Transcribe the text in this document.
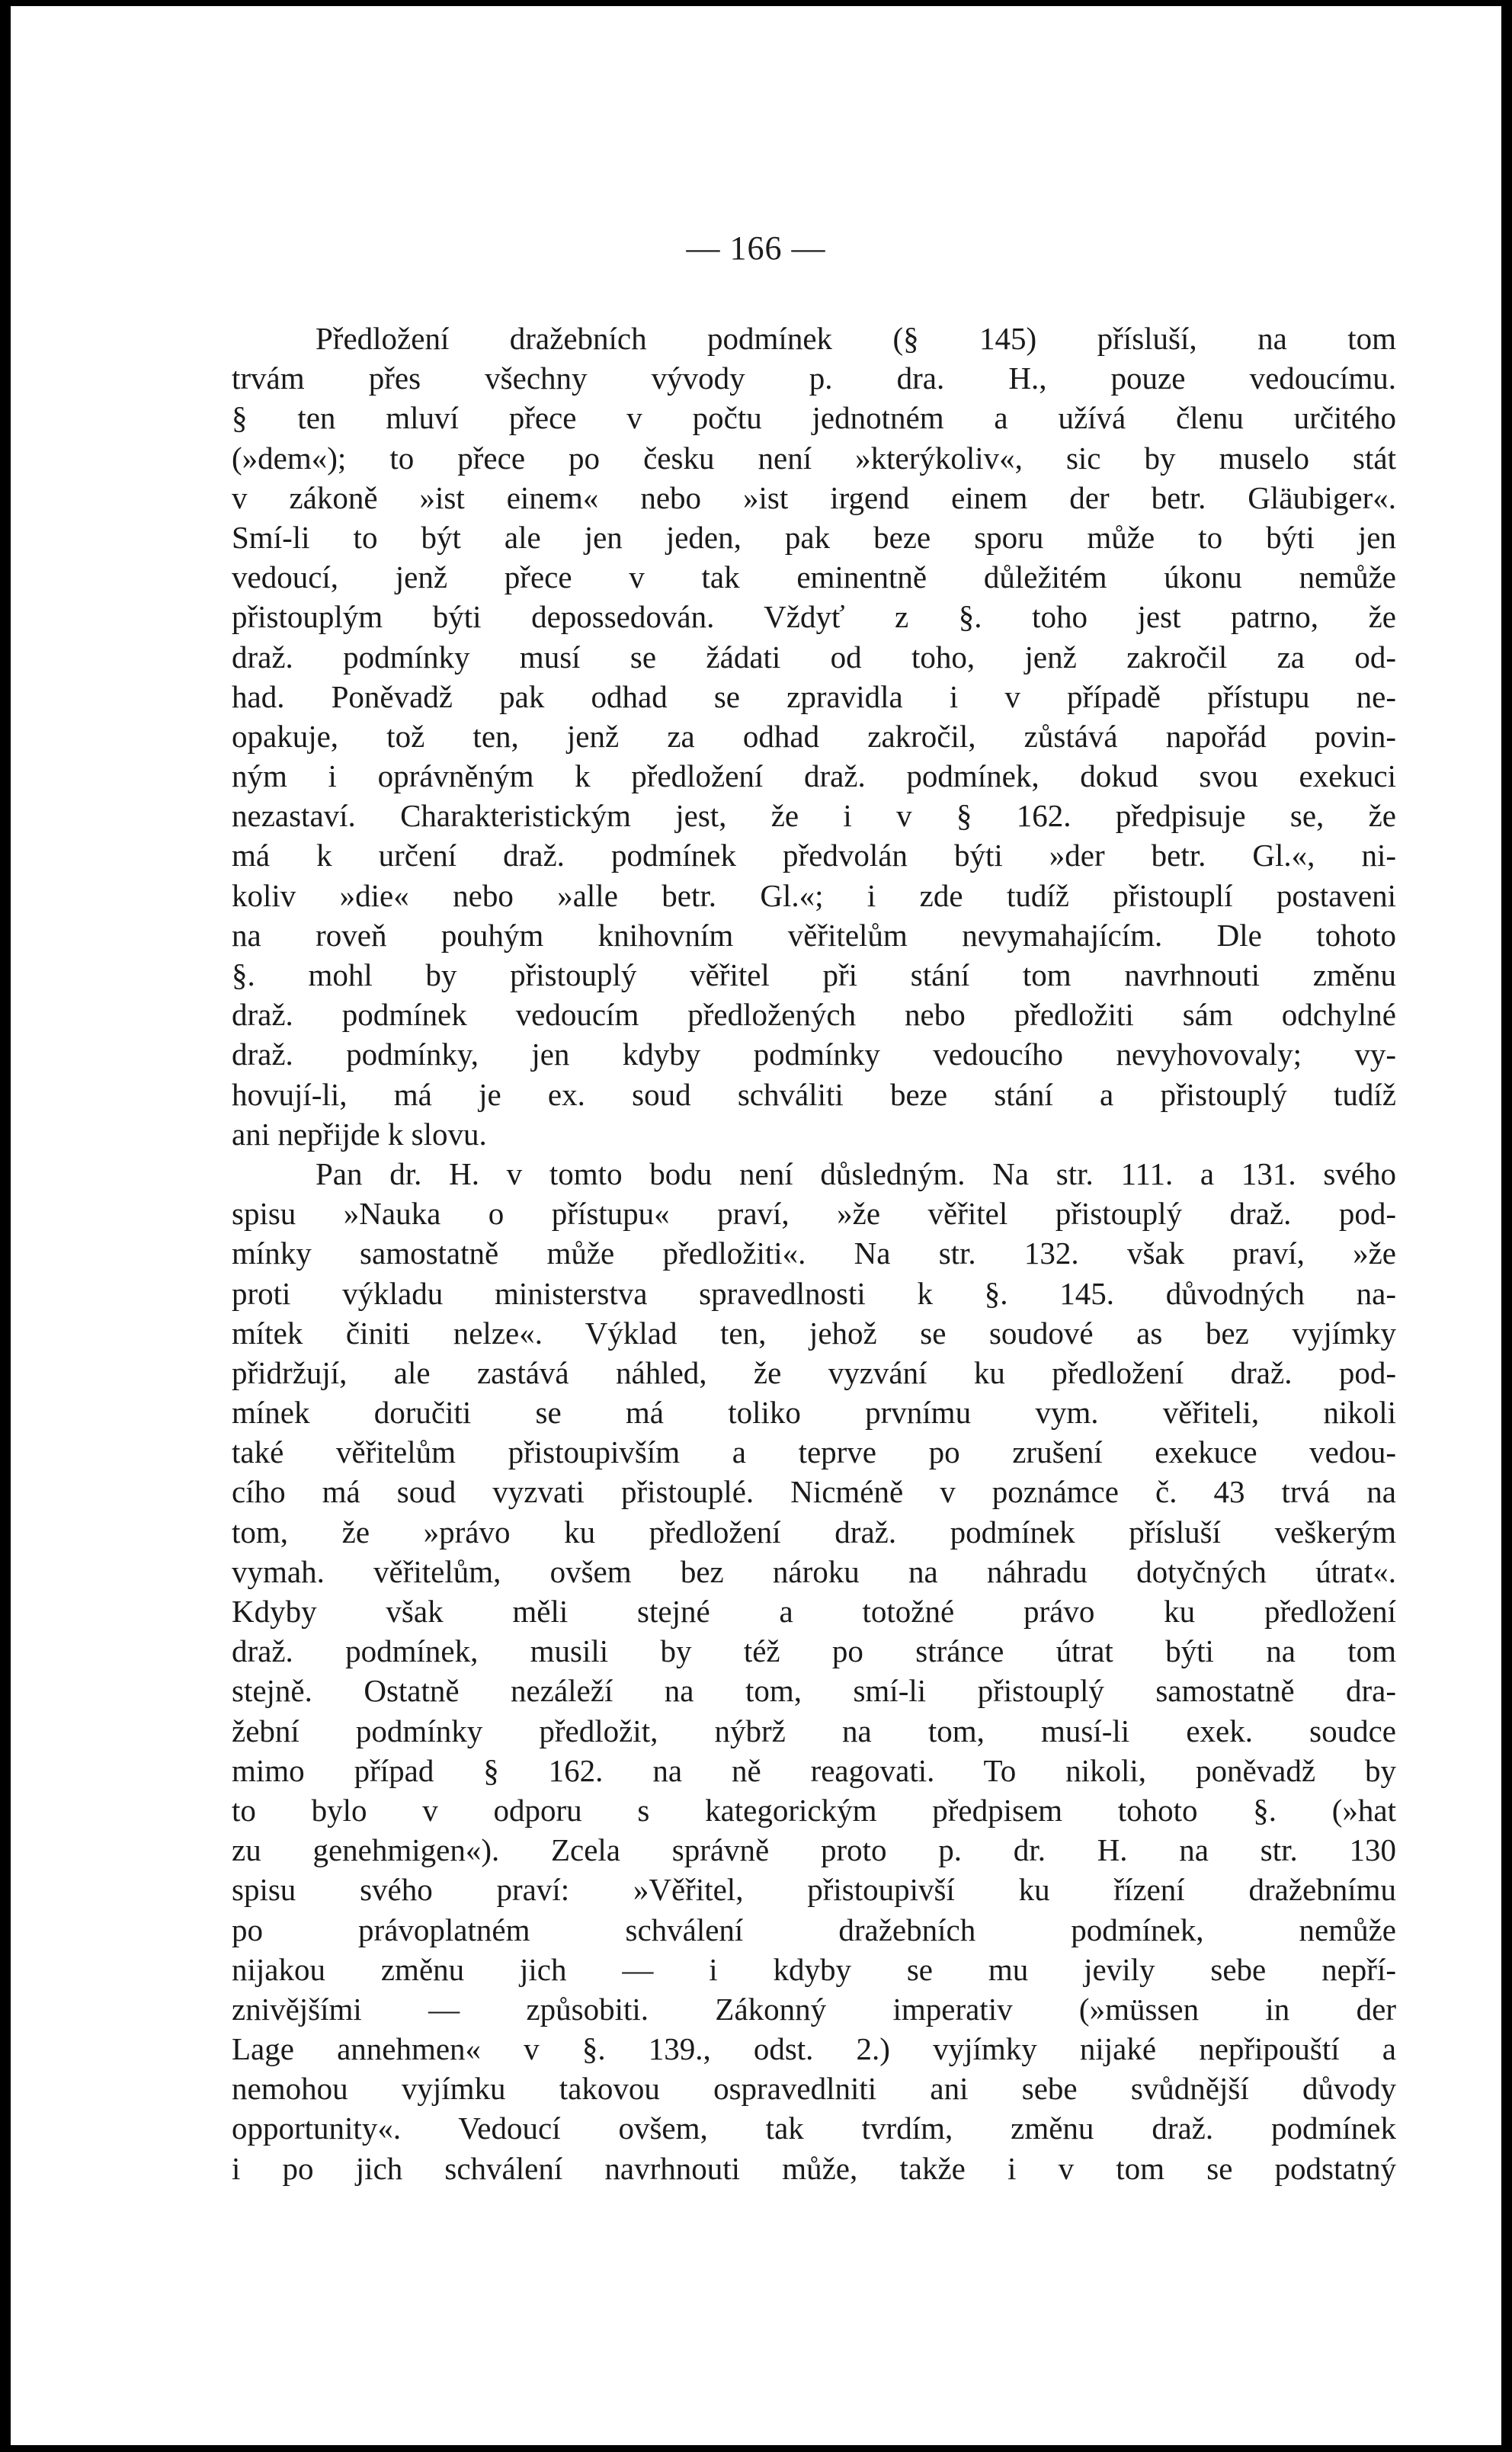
— 166 —
Předložení dražebních podmínek (§ 145) přísluší, na tom
trvám přes všechny vývody p. dra. H., pouze vedoucímu.
§ ten mluví přece v počtu jednotném a užívá členu určitého
(»dem«); to přece po česku není »kterýkoliv«, sic by muselo stát
v zákoně »ist einem« nebo »ist irgend einem der betr. Gläubiger«.
Smí-li to být ale jen jeden, pak beze sporu může to býti jen
vedoucí, jenž přece v tak eminentně důležitém úkonu nemůže
přistouplým býti depossedován. Vždyť z §. toho jest patrno, že
draž. podmínky musí se žádati od toho, jenž zakročil za od-
had. Poněvadž pak odhad se zpravidla i v případě přístupu ne-
opakuje, tož ten, jenž za odhad zakročil, zůstává napořád povin-
ným i oprávněným k předložení draž. podmínek, dokud svou exekuci
nezastaví. Charakteristickým jest, že i v § 162. předpisuje se, že
má k určení draž. podmínek předvolán býti »der betr. Gl.«, ni-
koliv »die« nebo »alle betr. Gl.«; i zde tudíž přistouplí postaveni
na roveň pouhým knihovním věřitelům nevymahajícím. Dle tohoto
§. mohl by přistouplý věřitel při stání tom navrhnouti změnu
draž. podmínek vedoucím předložených nebo předložiti sám odchylné
draž. podmínky, jen kdyby podmínky vedoucího nevyhovovaly; vy-
hovují-li, má je ex. soud schváliti beze stání a přistouplý tudíž
ani nepřijde k slovu.
Pan dr. H. v tomto bodu není důsledným. Na str. 111. a 131. svého
spisu »Nauka o přístupu« praví, »že věřitel přistouplý draž. pod-
mínky samostatně může předložiti«. Na str. 132. však praví, »že
proti výkladu ministerstva spravedlnosti k §. 145. důvodných na-
mítek činiti nelze«. Výklad ten, jehož se soudové as bez vyjímky
přidržují, ale zastává náhled, že vyzvání ku předložení draž. pod-
mínek doručiti se má toliko prvnímu vym. věřiteli, nikoli
také věřitelům přistoupivším a teprve po zrušení exekuce vedou-
cího má soud vyzvati přistouplé. Nicméně v poznámce č. 43 trvá na
tom, že »právo ku předložení draž. podmínek přísluší veškerým
vymah. věřitelům, ovšem bez nároku na náhradu dotyčných útrat«.
Kdyby však měli stejné a totožné právo ku předložení
draž. podmínek, musili by též po stránce útrat býti na tom
stejně. Ostatně nezáleží na tom, smí-li přistouplý samostatně dra-
žební podmínky předložit, nýbrž na tom, musí-li exek. soudce
mimo případ § 162. na ně reagovati. To nikoli, poněvadž by
to bylo v odporu s kategorickým předpisem tohoto §. (»hat
zu genehmigen«). Zcela správně proto p. dr. H. na str. 130
spisu svého praví: »Věřitel, přistoupivší ku řízení dražebnímu
po právoplatném schválení dražebních podmínek, nemůže
nijakou změnu jich — i kdyby se mu jevily sebe nepří-
znivějšími — způsobiti. Zákonný imperativ (»müssen in der
Lage annehmen« v §. 139., odst. 2.) vyjímky nijaké nepřipouští a
nemohou vyjímku takovou ospravedlniti ani sebe svůdnější důvody
opportunity«. Vedoucí ovšem, tak tvrdím, změnu draž. podmínek
i po jich schválení navrhnouti může, takže i v tom se podstatný
